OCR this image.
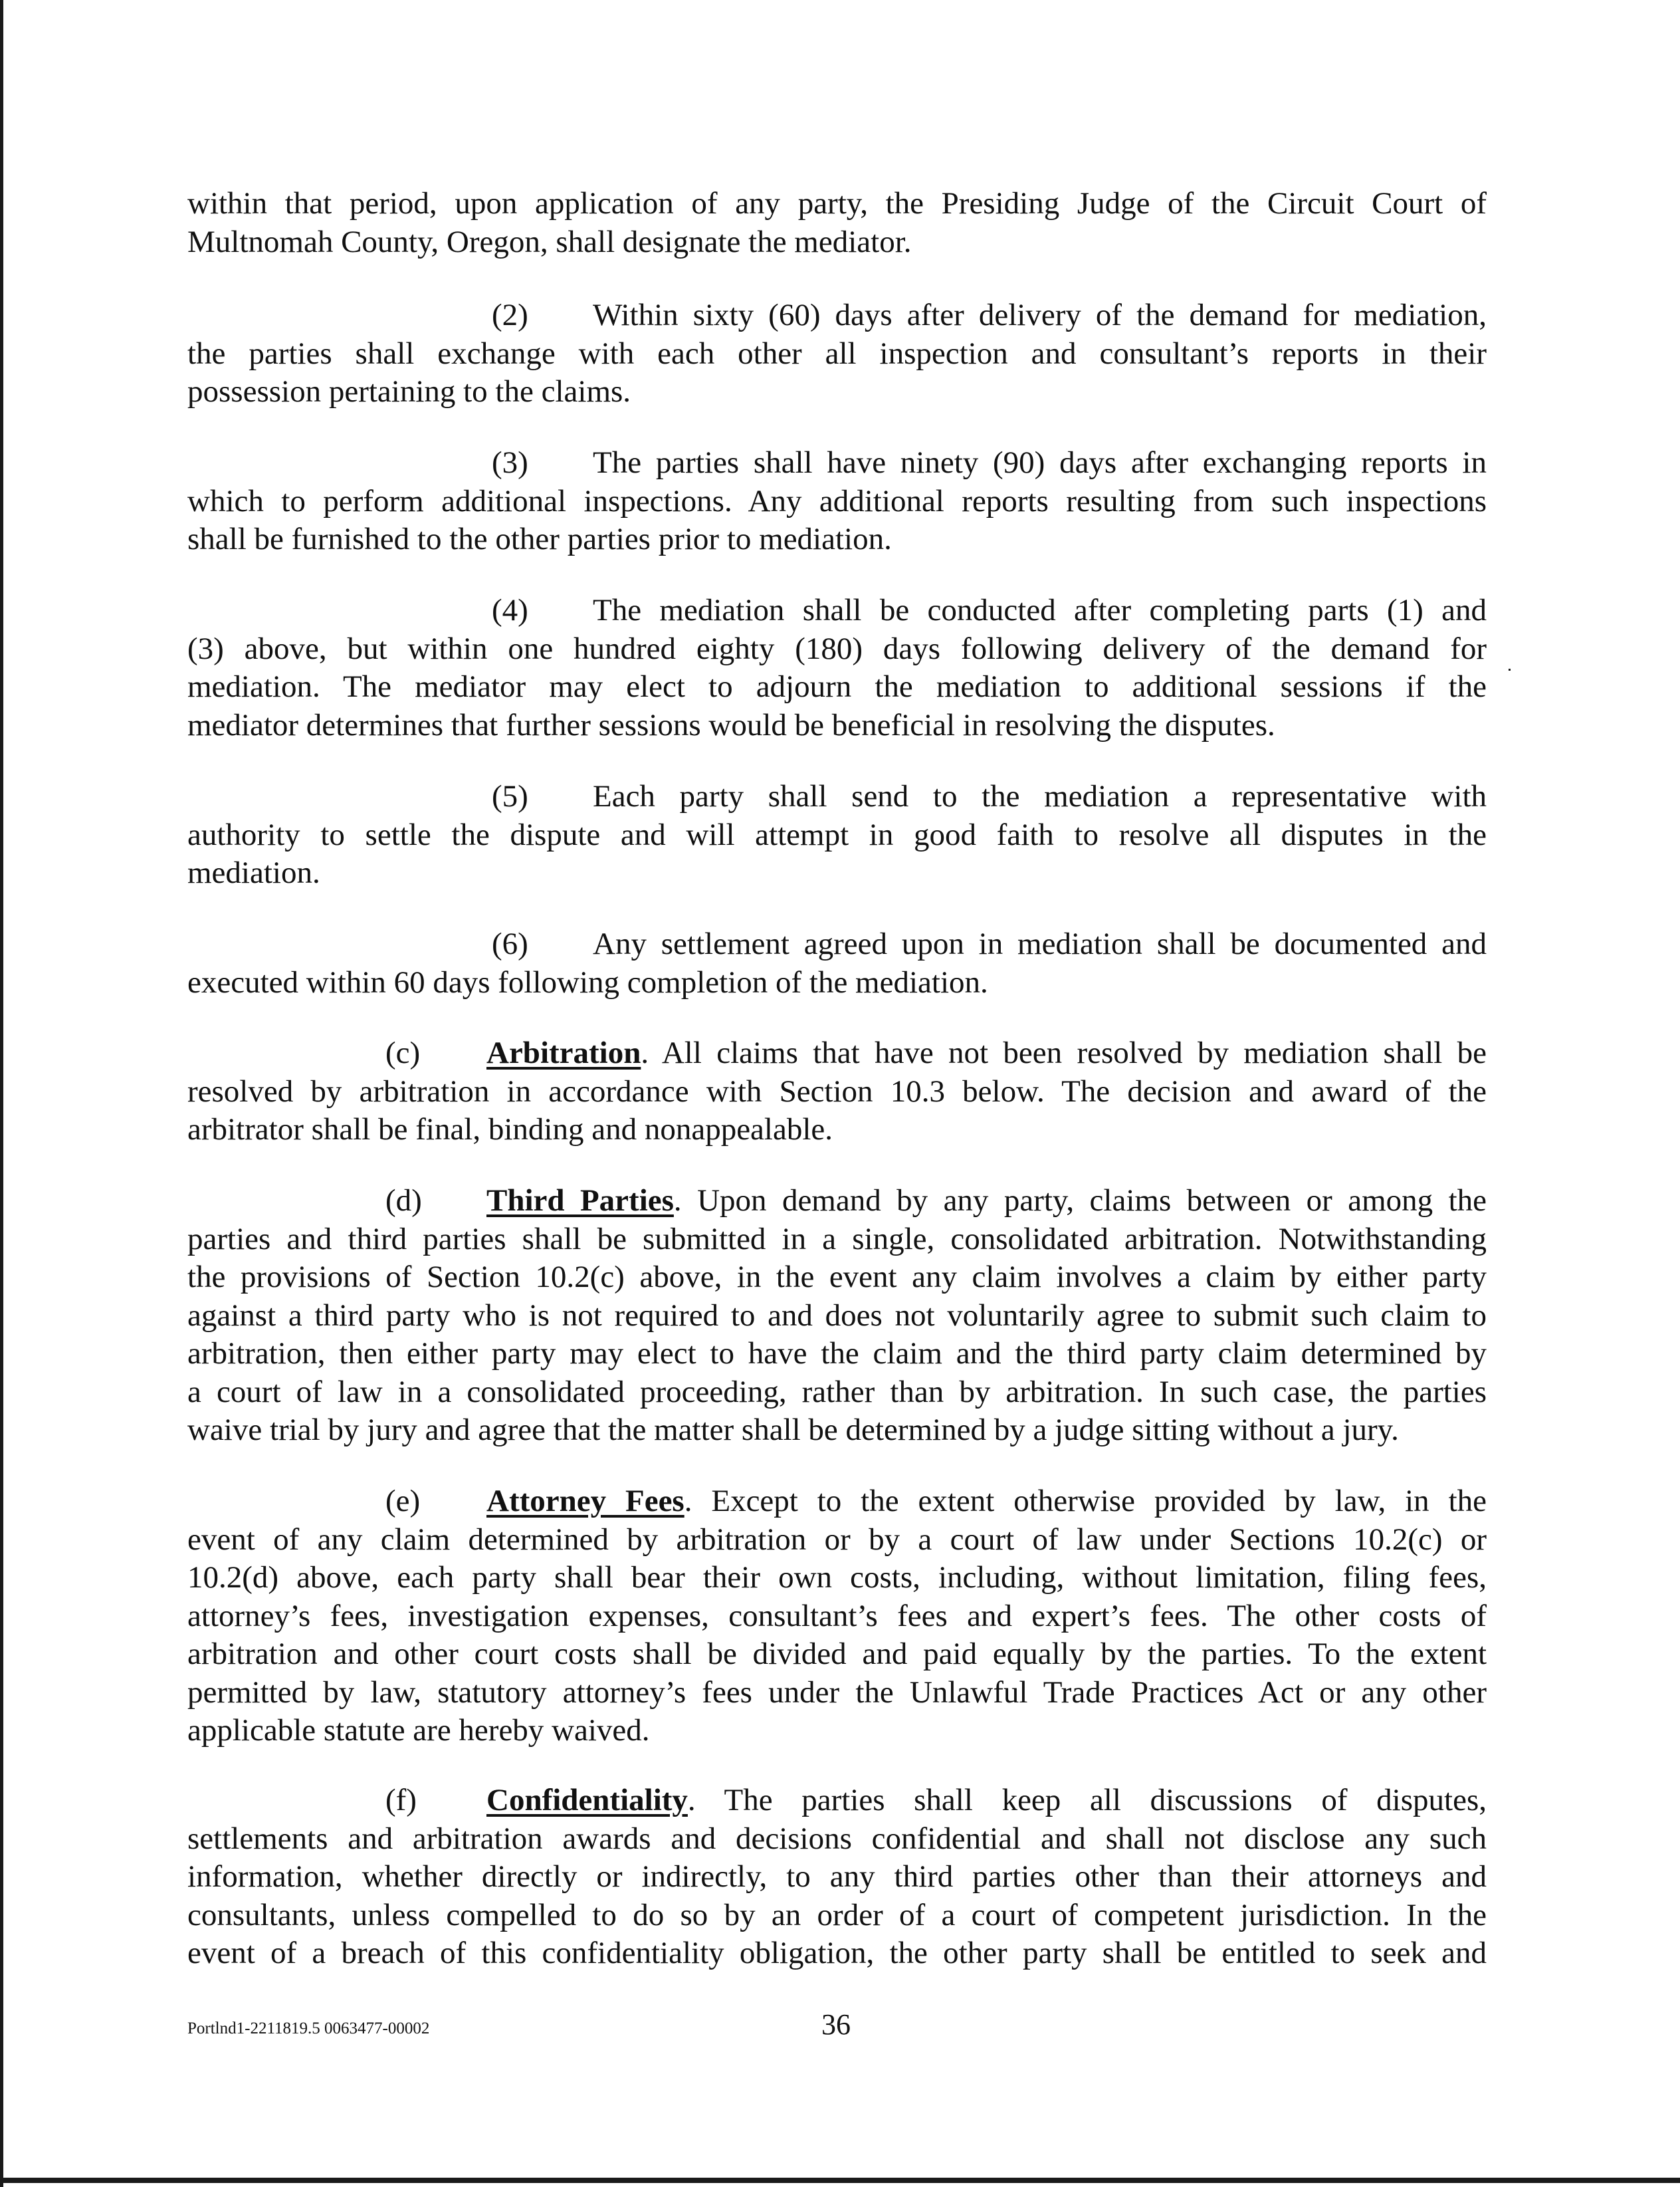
within that period, upon application of any party, the Presiding Judge of the Circuit Court of
Multnomah County, Oregon, shall designate the mediator.
(2) Within sixty (60) days after delivery of the demand for mediation,
the parties shall exchange with each other all inspection and consultant’s reports in their
possession pertaining to the claims.
(3) The parties shall have ninety (90) days after exchanging reports in
which to perform additional inspections. Any additional reports resulting from such inspections
shall be furnished to the other parties prior to mediation.
(4) The mediation shall be conducted after completing parts (1) and
(3) above, but within one hundred eighty (180) days following delivery of the demand for
mediation. The mediator may elect to adjourn the mediation to additional sessions if the
mediator determines that further sessions would be beneficial in resolving the disputes.
(5) Each party shall send to the mediation a representative with
authority to settle the dispute and will attempt in good faith to resolve all disputes in the
mediation.
(6) Any settlement agreed upon in mediation shall be documented and
executed within 60 days following completion of the mediation.
(c) Arbitration. All claims that have not been resolved by mediation shall be
resolved by arbitration in accordance with Section 10.3 below. The decision and award of the
arbitrator shall be final, binding and nonappealable.
(d) Third Parties. Upon demand by any party, claims between or among the
parties and third parties shall be submitted in a single, consolidated arbitration. Notwithstanding
the provisions of Section 10.2(c) above, in the event any claim involves a claim by either party
against a third party who is not required to and does not voluntarily agree to submit such claim to
arbitration, then either party may elect to have the claim and the third party claim determined by
a court of law in a consolidated proceeding, rather than by arbitration. In such case, the parties
waive trial by jury and agree that the matter shall be determined by a judge sitting without a jury.
(e) Attorney Fees. Except to the extent otherwise provided by law, in the
event of any claim determined by arbitration or by a court of law under Sections 10.2(c) or
10.2(d) above, each party shall bear their own costs, including, without limitation, filing fees,
attorney’s fees, investigation expenses, consultant’s fees and expert’s fees. The other costs of
arbitration and other court costs shall be divided and paid equally by the parties. To the extent
permitted by law, statutory attorney’s fees under the Unlawful Trade Practices Act or any other
applicable statute are hereby waived.
(f) Confidentiality. The parties shall keep all discussions of disputes,
settlements and arbitration awards and decisions confidential and shall not disclose any such
information, whether directly or indirectly, to any third parties other than their attorneys and
consultants, unless compelled to do so by an order of a court of competent jurisdiction. In the
event of a breach of this confidentiality obligation, the other party shall be entitled to seek and
Portlnd1-2211819.5 0063477-00002	36
